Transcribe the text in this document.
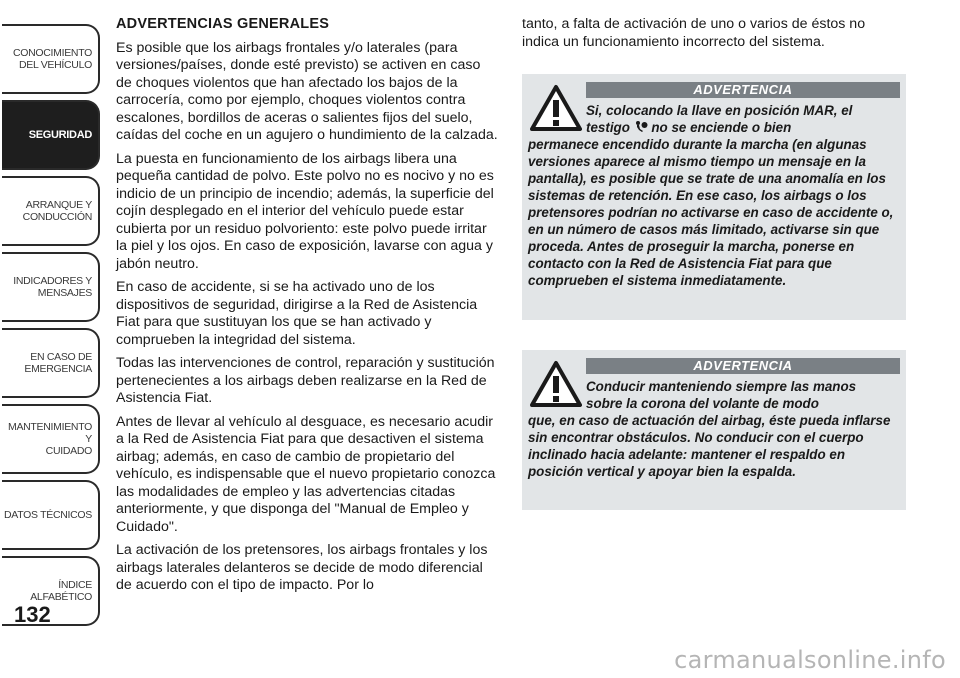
CONOCIMIENTO
DEL VEHÍCULO
SEGURIDAD
ARRANQUE Y
CONDUCCIÓN
INDICADORES Y
MENSAJES
EN CASO DE
EMERGENCIA
MANTENIMIENTO Y
CUIDADO
DATOS TÉCNICOS
ÍNDICE ALFABÉTICO
132
ADVERTENCIAS GENERALES

Es posible que los airbags frontales y/o laterales (para versiones/países, donde esté previsto) se activen en caso de choques violentos que han afectado los bajos de la carrocería, como por ejemplo, choques violentos contra escalones, bordillos de aceras o salientes fijos del suelo, caídas del coche en un agujero o hundimiento de la calzada.

La puesta en funcionamiento de los airbags libera una pequeña cantidad de polvo. Este polvo no es nocivo y no es indicio de un principio de incendio; además, la superficie del cojín desplegado en el interior del vehículo puede estar cubierta por un residuo polvoriento: este polvo puede irritar la piel y los ojos. En caso de exposición, lavarse con agua y jabón neutro.

En caso de accidente, si se ha activado uno de los dispositivos de seguridad, dirigirse a la Red de Asistencia Fiat para que sustituyan los que se han activado y comprueben la integridad del sistema.

Todas las intervenciones de control, reparación y sustitución pertenecientes a los airbags deben realizarse en la Red de Asistencia Fiat.

Antes de llevar al vehículo al desguace, es necesario acudir a la Red de Asistencia Fiat para que desactiven el sistema airbag; además, en caso de cambio de propietario del vehículo, es indispensable que el nuevo propietario conozca las modalidades de empleo y las advertencias citadas anteriormente, y que disponga del "Manual de Empleo y Cuidado".

La activación de los pretensores, los airbags frontales y los airbags laterales delanteros se decide de modo diferencial de acuerdo con el tipo de impacto. Por lo

tanto, a falta de activación de uno o varios de éstos no indica un funcionamiento incorrecto del sistema.

ADVERTENCIA
Si, colocando la llave en posición MAR, el
testigo no se enciende o bien
permanece encendido durante la marcha (en algunas versiones aparece al mismo tiempo un mensaje en la pantalla), es posible que se trate de una anomalía en los sistemas de retención. En ese caso, los airbags o los pretensores podrían no activarse en caso de accidente o, en un número de casos más limitado, activarse sin que proceda. Antes de proseguir la marcha, ponerse en contacto con la Red de Asistencia Fiat para que comprueben el sistema inmediatamente.
ADVERTENCIA
Conducir manteniendo siempre las manos
sobre la corona del volante de modo
que, en caso de actuación del airbag, éste pueda inflarse sin encontrar obstáculos. No conducir con el cuerpo inclinado hacia adelante: mantener el respaldo en posición vertical y apoyar bien la espalda.
carmanualsonline.info
